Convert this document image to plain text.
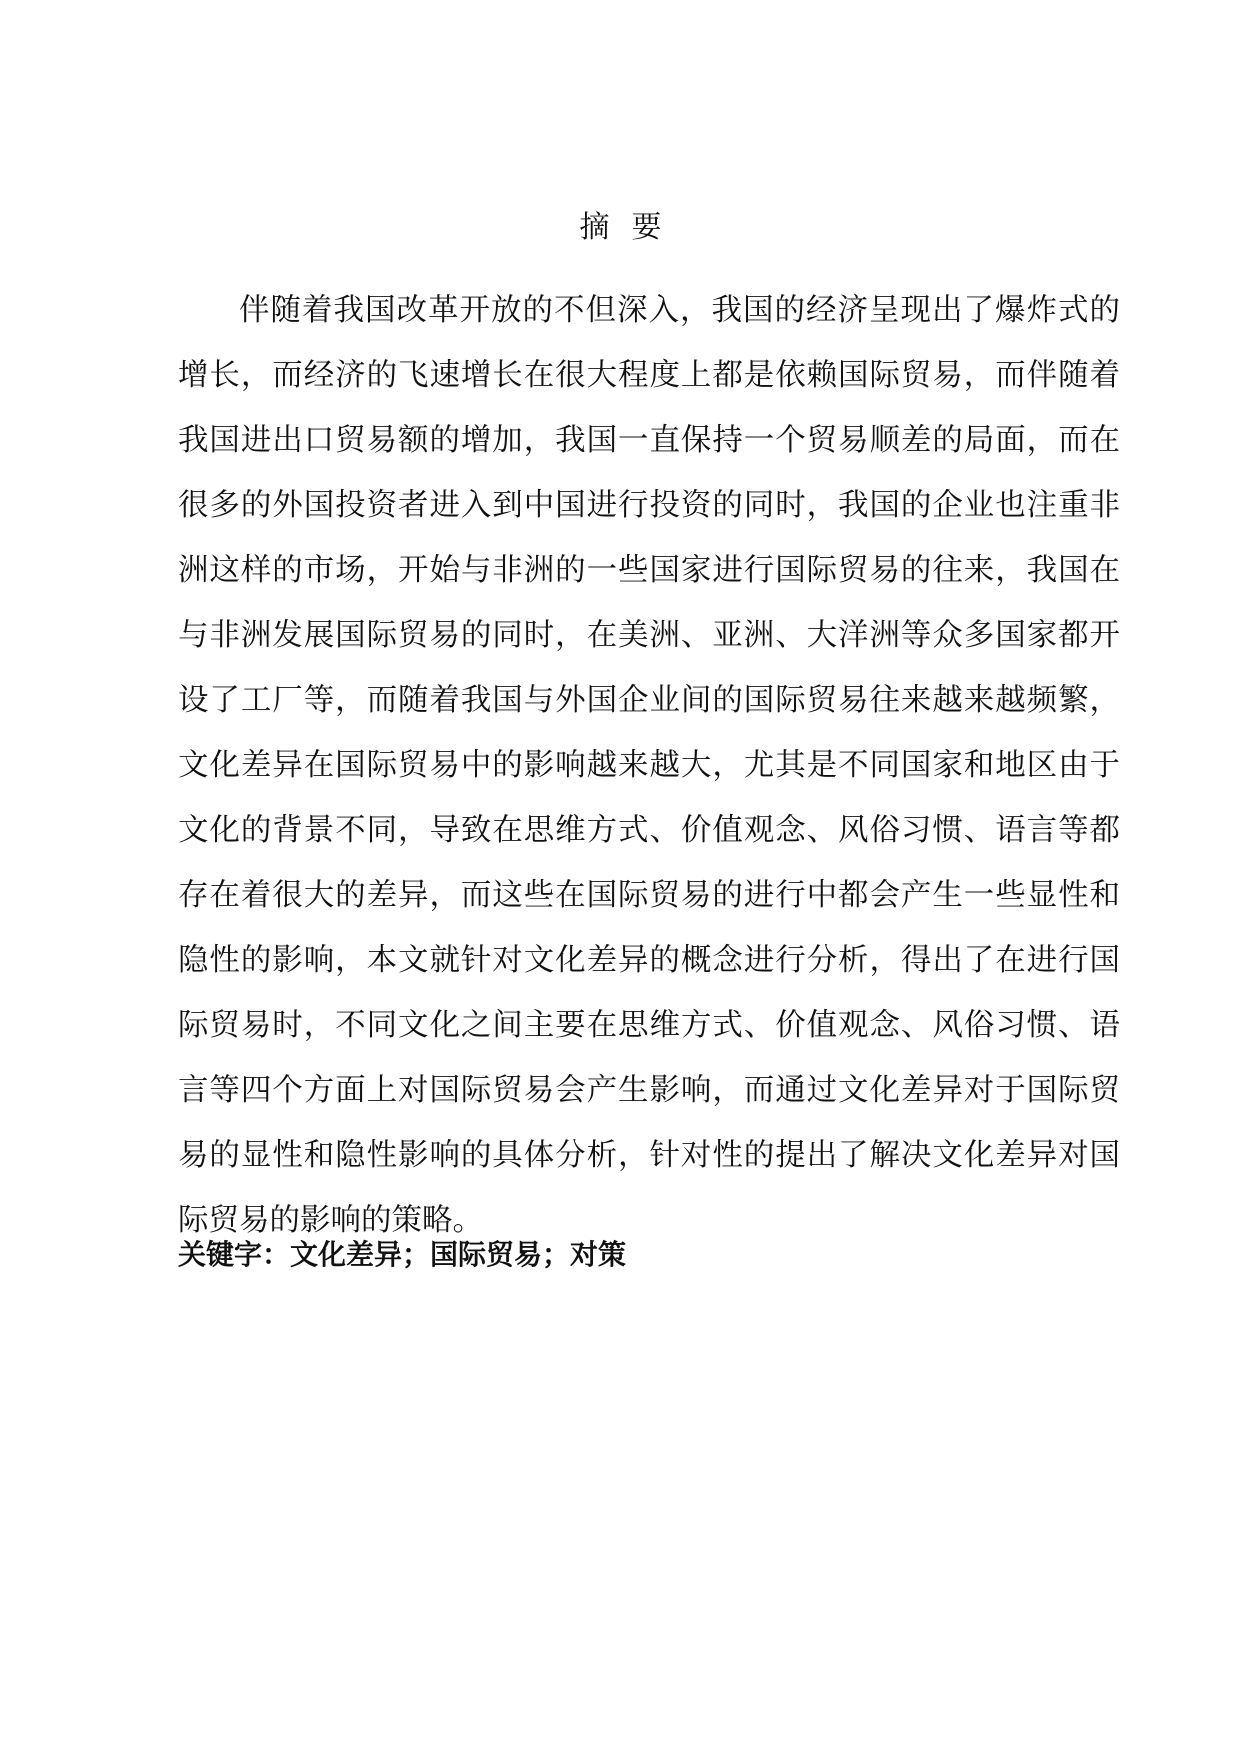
摘要

伴随着我国改革开放的不但深入，我国的经济呈现出了爆炸式的增长，而经济的飞速增长在很大程度上都是依赖国际贸易，而伴随着我国进出口贸易额的增加，我国一直保持一个贸易顺差的局面，而在很多的外国投资者进入到中国进行投资的同时，我国的企业也注重非洲这样的市场，开始与非洲的一些国家进行国际贸易的往来，我国在与非洲发展国际贸易的同时，在美洲、亚洲、大洋洲等众多国家都开设了工厂等，而随着我国与外国企业间的国际贸易往来越来越频繁，文化差异在国际贸易中的影响越来越大，尤其是不同国家和地区由于文化的背景不同，导致在思维方式、价值观念、风俗习惯、语言等都存在着很大的差异，而这些在国际贸易的进行中都会产生一些显性和隐性的影响，本文就针对文化差异的概念进行分析，得出了在进行国际贸易时，不同文化之间主要在思维方式、价值观念、风俗习惯、语言等四个方面上对国际贸易会产生影响，而通过文化差异对于国际贸易的显性和隐性影响的具体分析，针对性的提出了解决文化差异对国际贸易的影响的策略。

关键字：文化差异；国际贸易；对策
